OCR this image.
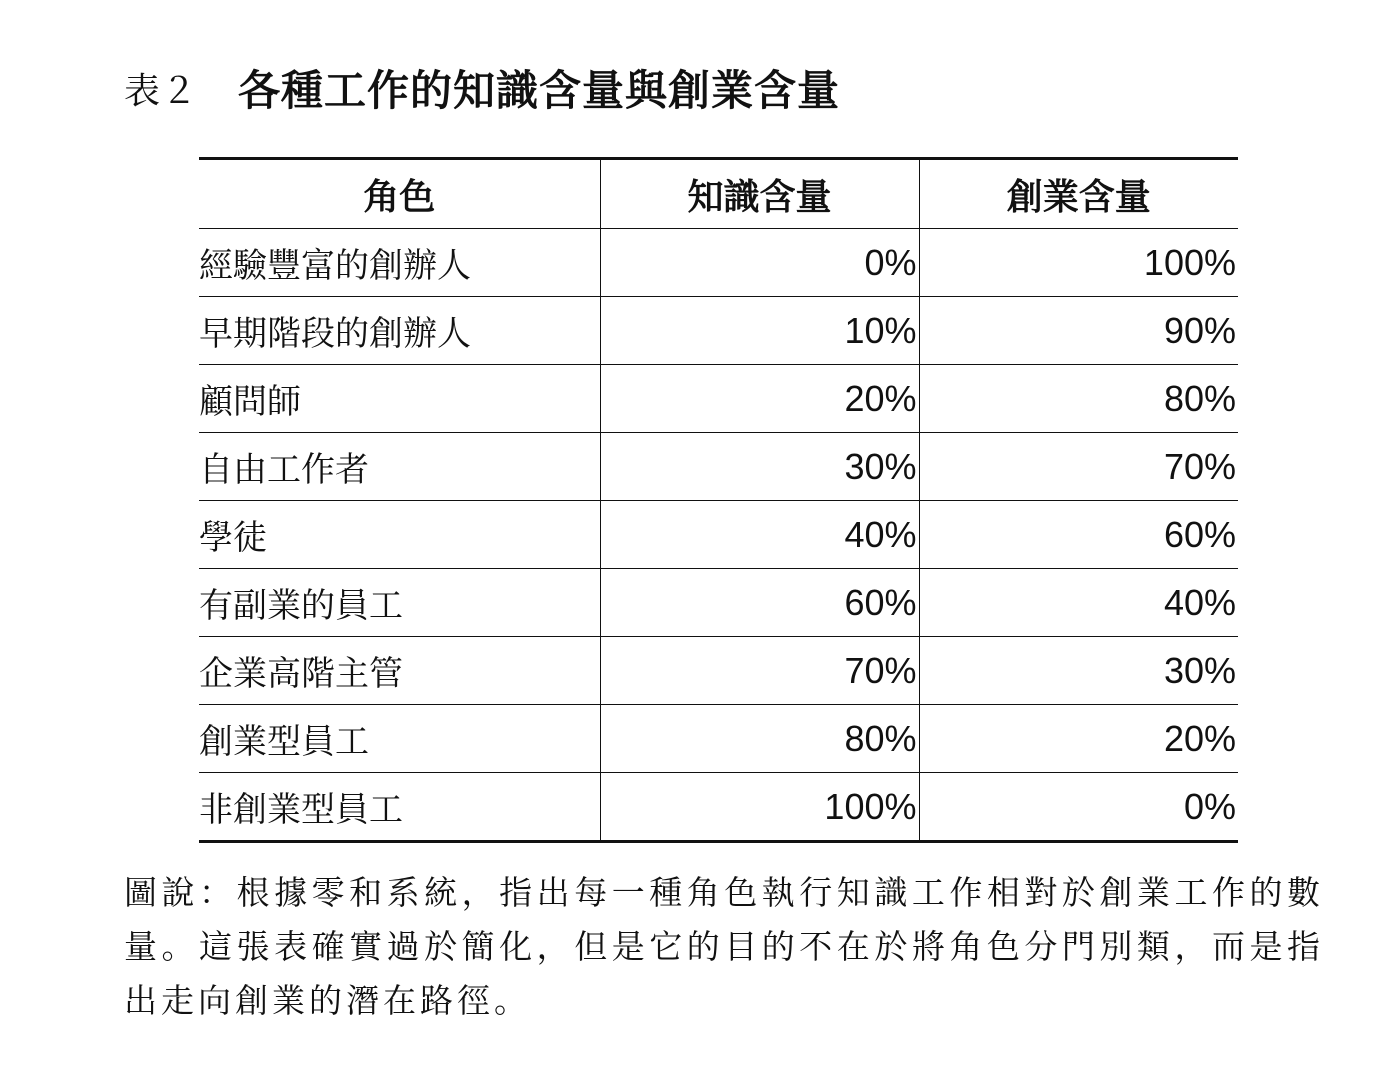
表２ 各種工作的知識含量與創業含量
角色	知識含量	創業含量
經驗豐富的創辦人	0%	100%
早期階段的創辦人	10%	90%
顧問師	20%	80%
自由工作者	30%	70%
學徒	40%	60%
有副業的員工	60%	40%
企業高階主管	70%	30%
創業型員工	80%	20%
非創業型員工	100%	0%

圖說：根據零和系統，指出每一種角色執行知識工作相對於創業工作的數量。這張表確實過於簡化，但是它的目的不在於將角色分門別類，而是指出走向創業的潛在路徑。
